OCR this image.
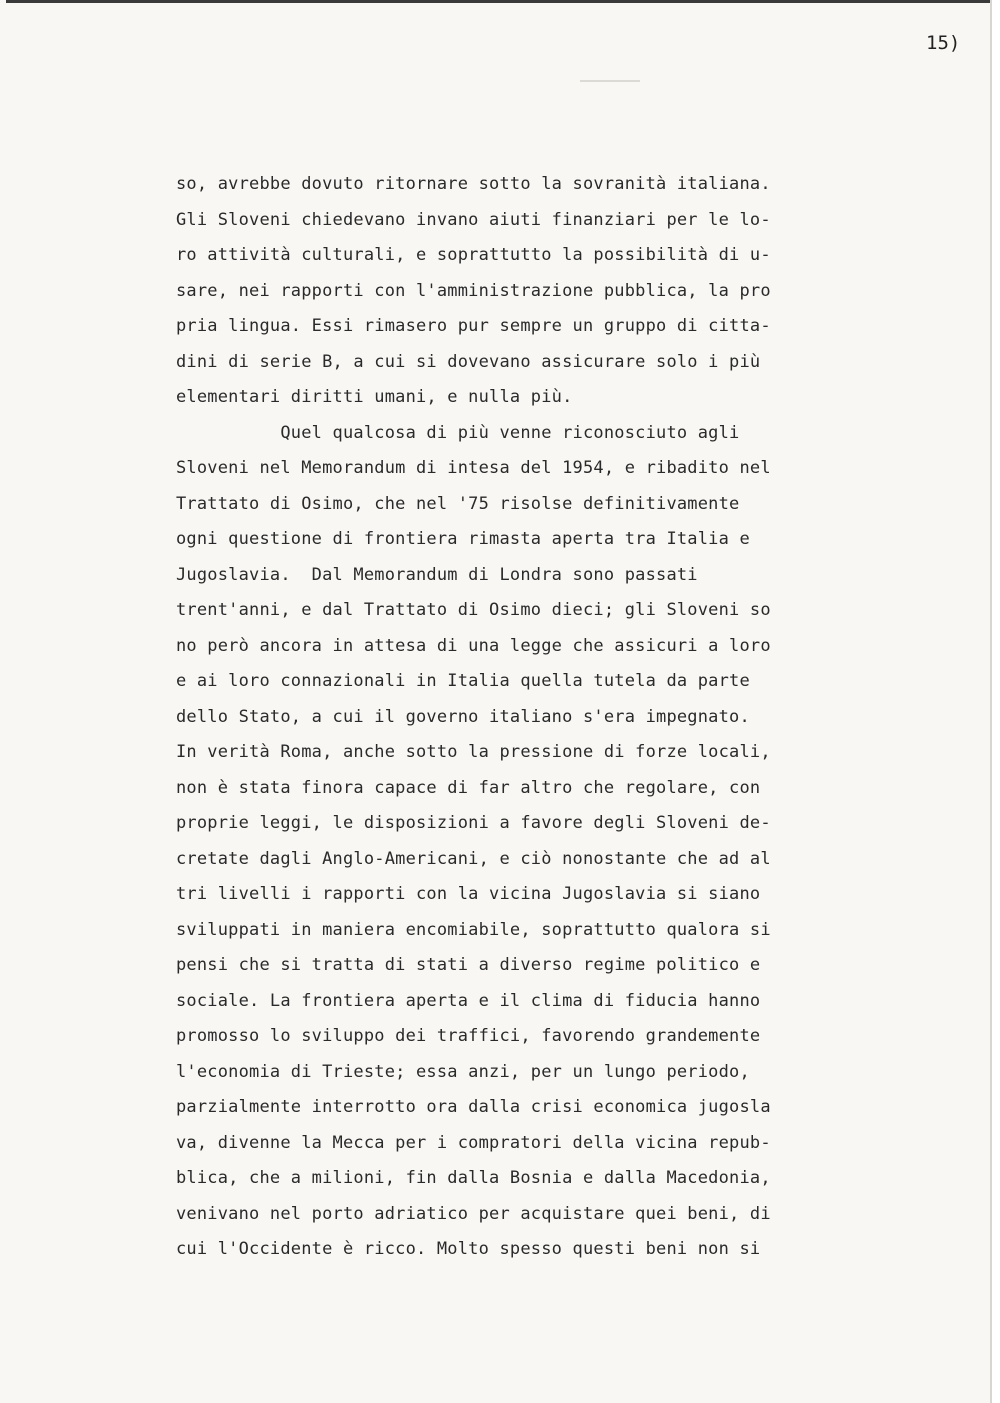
15)
so, avrebbe dovuto ritornare sotto la sovranità italiana.
Gli Sloveni chiedevano invano aiuti finanziari per le lo-
ro attività culturali, e soprattutto la possibilità di u-
sare, nei rapporti con l'amministrazione pubblica, la pro
pria lingua. Essi rimasero pur sempre un gruppo di citta-
dini di serie B, a cui si dovevano assicurare solo i più
elementari diritti umani, e nulla più.
Quel qualcosa di più venne riconosciuto agli
Sloveni nel Memorandum di intesa del 1954, e ribadito nel
Trattato di Osimo, che nel '75 risolse definitivamente
ogni questione di frontiera rimasta aperta tra Italia e
Jugoslavia.  Dal Memorandum di Londra sono passati
trent'anni, e dal Trattato di Osimo dieci; gli Sloveni so
no però ancora in attesa di una legge che assicuri a loro
e ai loro connazionali in Italia quella tutela da parte
dello Stato, a cui il governo italiano s'era impegnato.
In verità Roma, anche sotto la pressione di forze locali,
non è stata finora capace di far altro che regolare, con
proprie leggi, le disposizioni a favore degli Sloveni de-
cretate dagli Anglo-Americani, e ciò nonostante che ad al
tri livelli i rapporti con la vicina Jugoslavia si siano
sviluppati in maniera encomiabile, soprattutto qualora si
pensi che si tratta di stati a diverso regime politico e
sociale. La frontiera aperta e il clima di fiducia hanno
promosso lo sviluppo dei traffici, favorendo grandemente
l'economia di Trieste; essa anzi, per un lungo periodo,
parzialmente interrotto ora dalla crisi economica jugosla
va, divenne la Mecca per i compratori della vicina repub-
blica, che a milioni, fin dalla Bosnia e dalla Macedonia,
venivano nel porto adriatico per acquistare quei beni, di
cui l'Occidente è ricco. Molto spesso questi beni non si
